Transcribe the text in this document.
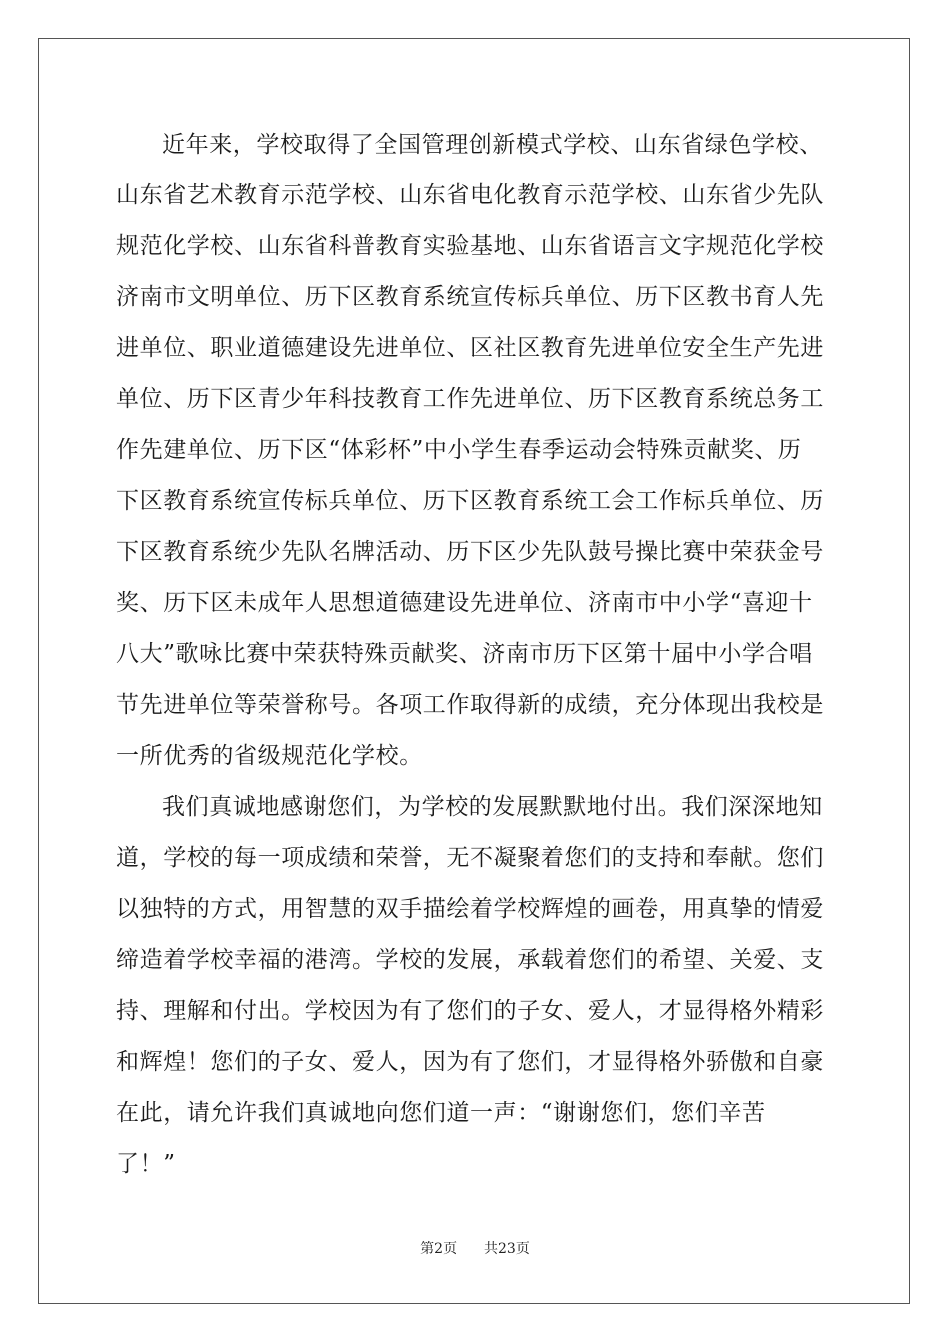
近年来，学校取得了全国管理创新模式学校、山东省绿色学校、
山东省艺术教育示范学校、山东省电化教育示范学校、山东省少先队
规范化学校、山东省科普教育实验基地、山东省语言文字规范化学校
济南市文明单位、历下区教育系统宣传标兵单位、历下区教书育人先
进单位、职业道德建设先进单位、区社区教育先进单位安全生产先进
单位、历下区青少年科技教育工作先进单位、历下区教育系统总务工
作先建单位、历下区“体彩杯”中小学生春季运动会特殊贡献奖、历
下区教育系统宣传标兵单位、历下区教育系统工会工作标兵单位、历
下区教育系统少先队名牌活动、历下区少先队鼓号操比赛中荣获金号
奖、历下区未成年人思想道德建设先进单位、济南市中小学“喜迎十
八大”歌咏比赛中荣获特殊贡献奖、济南市历下区第十届中小学合唱
节先进单位等荣誉称号。各项工作取得新的成绩，充分体现出我校是
一所优秀的省级规范化学校。
我们真诚地感谢您们，为学校的发展默默地付出。我们深深地知
道，学校的每一项成绩和荣誉，无不凝聚着您们的支持和奉献。您们
以独特的方式，用智慧的双手描绘着学校辉煌的画卷，用真挚的情爱
缔造着学校幸福的港湾。学校的发展，承载着您们的希望、关爱、支
持、理解和付出。学校因为有了您们的子女、爱人，才显得格外精彩
和辉煌！您们的子女、爱人，因为有了您们，才显得格外骄傲和自豪
在此，请允许我们真诚地向您们道一声：“谢谢您们，您们辛苦
了！”
第2页 共23页
